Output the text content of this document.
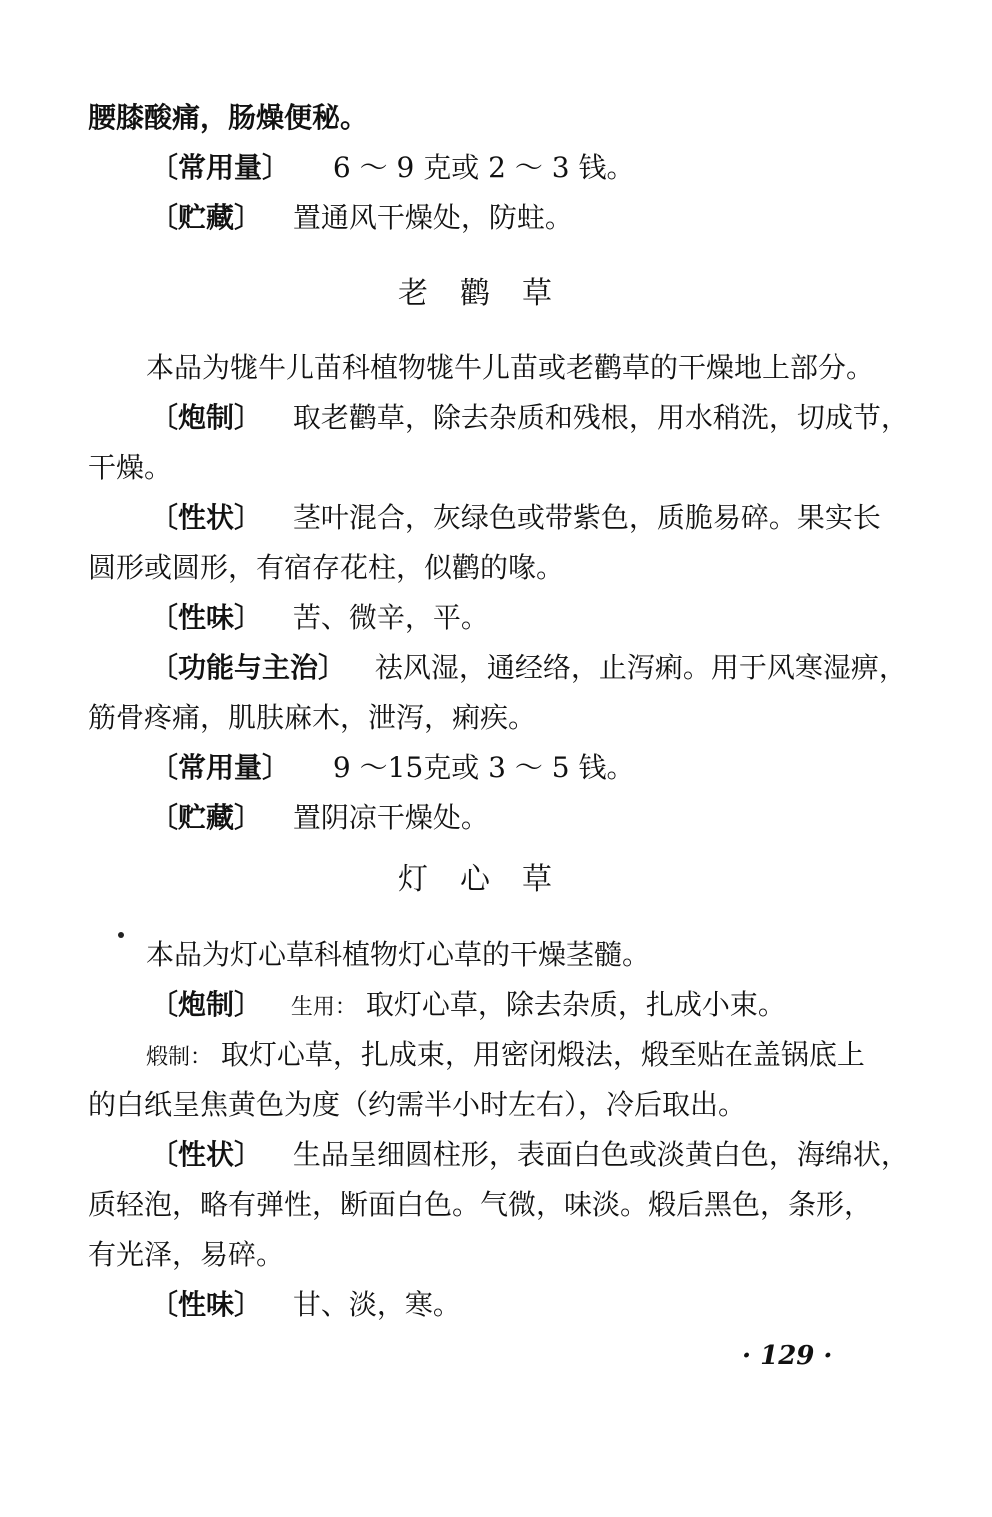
腰膝酸痛，肠燥便秘。
〔常用量〕 6 ～ 9 克或 2 ～ 3 钱。
〔贮藏〕 置通风干燥处，防蛀。
老鹳草
本品为牻牛儿苗科植物牻牛儿苗或老鹳草的干燥地上部分。
〔炮制〕 取老鹳草，除去杂质和残根，用水稍洗，切成节，
干燥。
〔性状〕 茎叶混合，灰绿色或带紫色，质脆易碎。果实长
圆形或圆形，有宿存花柱，似鹳的喙。
〔性味〕 苦、微辛，平。
〔功能与主治〕 祛风湿，通经络，止泻痢。用于风寒湿痹，
筋骨疼痛，肌肤麻木，泄泻，痢疾。
〔常用量〕 9 ～15克或 3 ～ 5 钱。
〔贮藏〕 置阴凉干燥处。
灯心草
本品为灯心草科植物灯心草的干燥茎髓。
〔炮制〕 生用： 取灯心草，除去杂质，扎成小束。
煅制： 取灯心草，扎成束，用密闭煅法，煅至贴在盖锅底上
的白纸呈焦黄色为度（约需半小时左右），冷后取出。
〔性状〕 生品呈细圆柱形，表面白色或淡黄白色，海绵状，
质轻泡，略有弹性，断面白色。气微，味淡。煅后黑色，条形，
有光泽，易碎。
〔性味〕 甘、淡，寒。
· 129 ·
